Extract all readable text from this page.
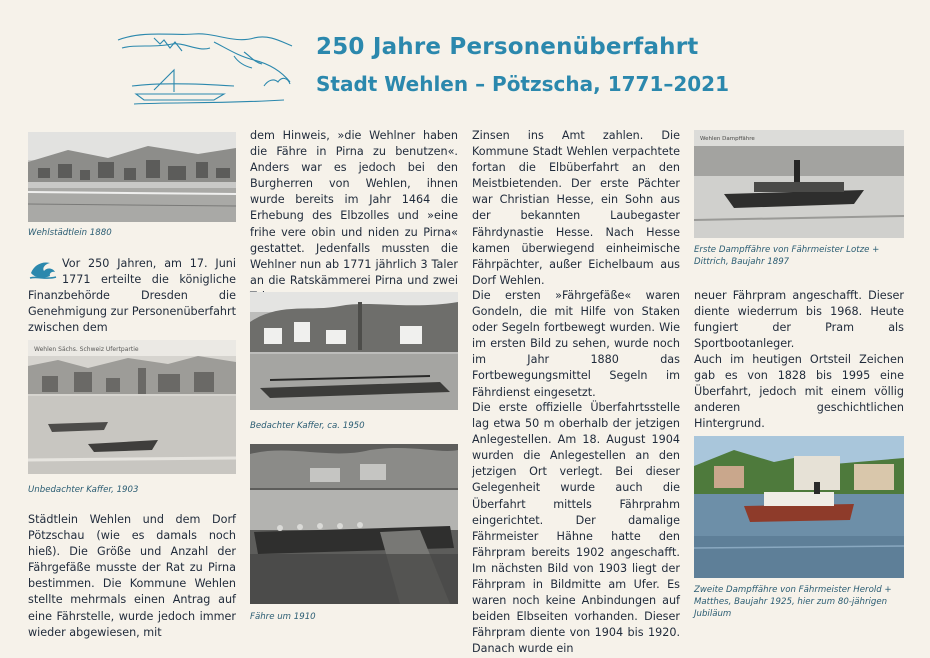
250 Jahre Personenüberfahrt
Stadt Wehlen – Pötzscha, 1771–2021
Wehlstädtlein 1880
Vor 250 Jahren, am 17. Juni 1771 erteilte die königliche Finanzbehörde Dresden die Genehmigung zur Personenüberfahrt zwischen dem
Wehlen Sächs. Schweiz Ufertpartie
Unbedachter Kaffer, 1903
Städtlein Wehlen und dem Dorf Pötzschau (wie es damals noch hieß). Die Größe und Anzahl der Fährgefäße musste der Rat zu Pirna bestimmen. Die Kommune Wehlen stellte mehrmals einen Antrag auf eine Fährstelle, wurde jedoch immer wieder abgewiesen, mit
dem Hinweis, »die Wehlner haben die Fähre in Pirna zu benutzen«. Anders war es jedoch bei den Burgherren von Wehlen, ihnen wurde bereits im Jahr 1464 die Erhebung des Elbzolles und »eine frihe vere obin und niden zu Pirna« gestattet. Jedenfalls mussten die Wehlner nun ab 1771 jährlich 3 Taler an die Ratskämmerei Pirna und zwei
Bedachter Kaffer, ca. 1950
Fähre um 1910
Zinsen ins Amt zahlen. Die Kommune Stadt Wehlen verpachtete fortan die Elbüberfahrt an den Meistbietenden. Der erste Pächter war Christian Hesse, ein Sohn aus der bekannten Laubegaster Fährdynastie Hesse. Nach Hesse kamen überwiegend einheimische Fährpächter, außer Eichelbaum aus Dorf Wehlen.
Die ersten »Fährgefäße« waren Gondeln, die mit Hilfe von Staken oder Segeln fortbewegt wurden. Wie im ersten Bild zu sehen, wurde noch im Jahr 1880 das Fortbewegungsmittel Segeln im Fährdienst eingesetzt.
Die erste offizielle Überfahrtsstelle lag etwa 50 m oberhalb der jetzigen Anlegestellen. Am 18. August 1904 wurden die Anlegestellen an den jetzigen Ort verlegt. Bei dieser Gelegenheit wurde auch die Überfahrt mittels Fährprahm eingerichtet. Der damalige Fährmeister Hähne hatte den Fährpram bereits 1902 angeschafft. Im nächsten Bild von 1903 liegt der Fährpram in Bildmitte am Ufer. Es waren noch keine Anbindungen auf beiden Elbseiten vorhanden. Dieser Fährpram diente von 1904 bis 1920. Danach wurde ein
Wehlen Dampffähre
Erste Dampffähre von Fährmeister Lotze + Dittrich, Baujahr 1897
neuer Fährpram angeschafft. Dieser diente wiederrum bis 1968. Heute fungiert der Pram als Sportbootanleger.
Auch im heutigen Ortsteil Zeichen gab es von 1828 bis 1995 eine Überfahrt, jedoch mit einem völlig anderen geschichtlichen Hintergrund.
Zweite Dampffähre von Fährmeister Herold + Matthes, Baujahr 1925, hier zum 80-jährigen Jubiläum
